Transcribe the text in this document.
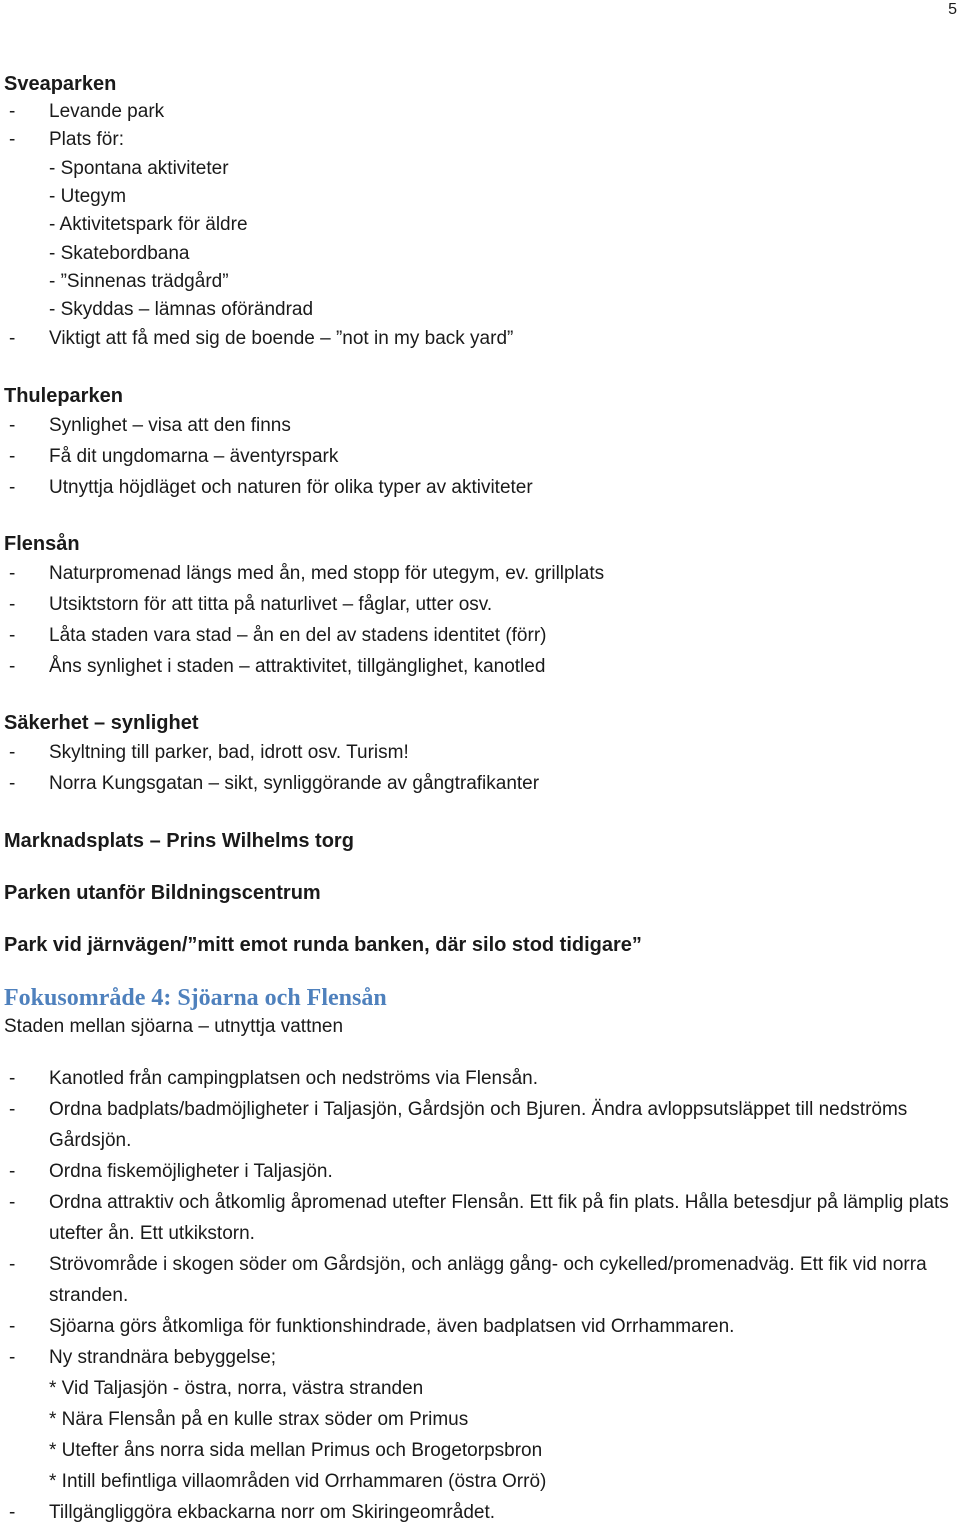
5
Sveaparken
- Levande park
- Plats för:
- Spontana aktiviteter
- Utegym
- Aktivitetspark för äldre
- Skatebordbana
- ”Sinnenas trädgård”
- Skyddas – lämnas oförändrad
- Viktigt att få med sig de boende – ”not in my back yard”
Thuleparken
- Synlighet – visa att den finns
- Få dit ungdomarna – äventyrspark
- Utnyttja höjdläget och naturen för olika typer av aktiviteter
Flensån
- Naturpromenad längs med ån, med stopp för utegym, ev. grillplats
- Utsiktstorn för att titta på naturlivet – fåglar, utter osv.
- Låta staden vara stad – ån en del av stadens identitet (förr)
- Åns synlighet i staden – attraktivitet, tillgänglighet, kanotled
Säkerhet – synlighet
- Skyltning till parker, bad, idrott osv. Turism!
- Norra Kungsgatan – sikt, synliggörande av gångtrafikanter
Marknadsplats – Prins Wilhelms torg
Parken utanför Bildningscentrum
Park vid järnvägen/”mitt emot runda banken, där silo stod tidigare”
Fokusområde 4: Sjöarna och Flensån
Staden mellan sjöarna – utnyttja vattnen
- Kanotled från campingplatsen och nedströms via Flensån.
- Ordna badplats/badmöjligheter i Taljasjön, Gårdsjön och Bjuren. Ändra avloppsutsläppet till nedströms Gårdsjön.
- Ordna fiskemöjligheter i Taljasjön.
- Ordna attraktiv och åtkomlig åpromenad utefter Flensån. Ett fik på fin plats. Hålla betesdjur på lämplig plats utefter ån. Ett utkikstorn.
- Strövområde i skogen söder om Gårdsjön, och anlägg gång- och cykelled/promenadväg. Ett fik vid norra stranden.
- Sjöarna görs åtkomliga för funktionshindrade, även badplatsen vid Orrhammaren.
- Ny strandnära bebyggelse;
* Vid Taljasjön - östra, norra, västra stranden
* Nära Flensån på en kulle strax söder om Primus
* Utefter åns norra sida mellan Primus och Brogetorpsbron
* Intill befintliga villaområden vid Orrhammaren (östra Orrö)
- Tillgängliggöra ekbackarna norr om Skiringeområdet.
